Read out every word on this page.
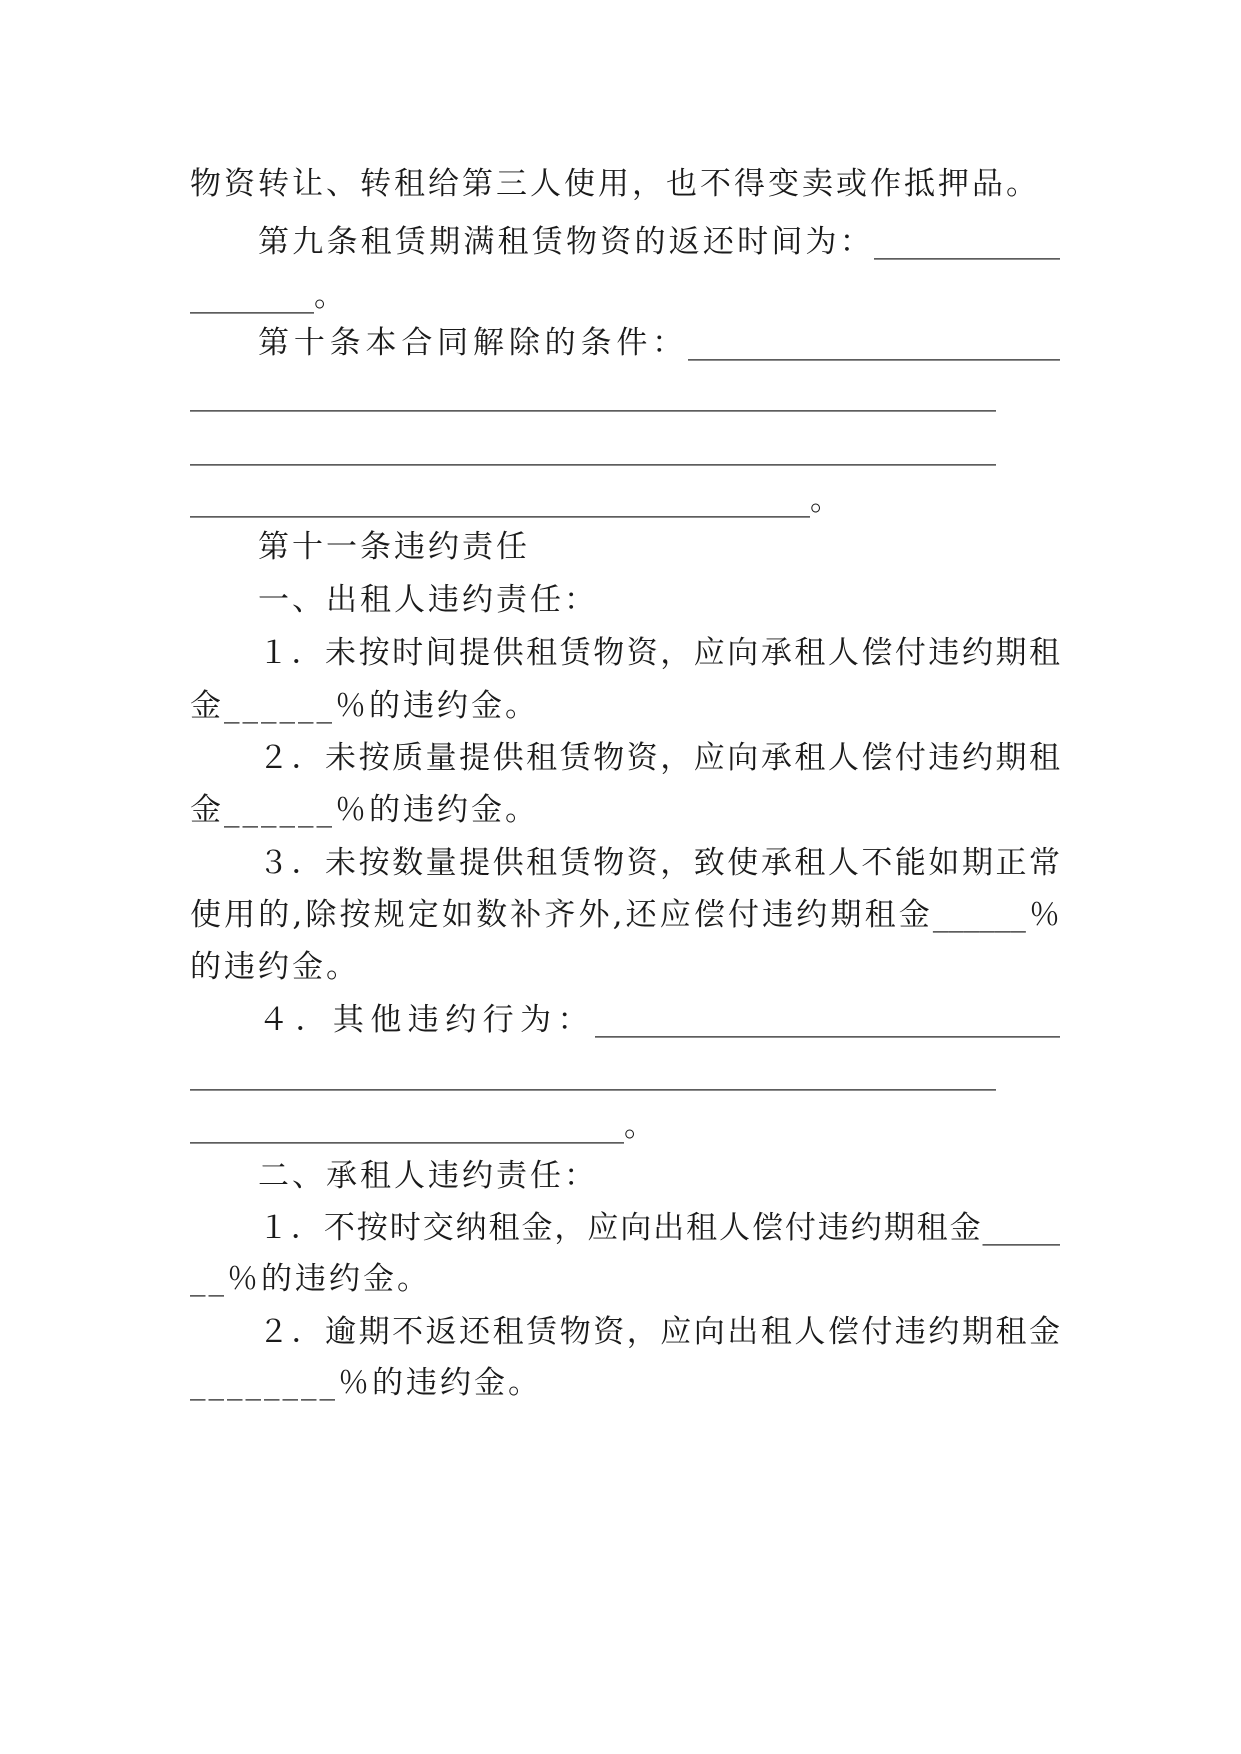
物资转让、转租给第三人使用，也不得变卖或作抵押品。
第九条租赁期满租赁物资的返还时间为：____________
________。
第十条本合同解除的条件：________________________
____________________________________________________
____________________________________________________
________________________________________。
第十一条违约责任
一、出租人违约责任：
１．未按时间提供租赁物资，应向承租人偿付违约期租
金______％的违约金。
２．未按质量提供租赁物资，应向承租人偿付违约期租
金______％的违约金。
３．未按数量提供租赁物资，致使承租人不能如期正常
使用的,除按规定如数补齐外,还应偿付违约期租金______％
的违约金。
４．其他违约行为：______________________________
____________________________________________________
____________________________。
二、承租人违约责任：
１．不按时交纳租金，应向出租人偿付违约期租金_____
__％的违约金。
２．逾期不返还租赁物资，应向出租人偿付违约期租金
________％的违约金。
